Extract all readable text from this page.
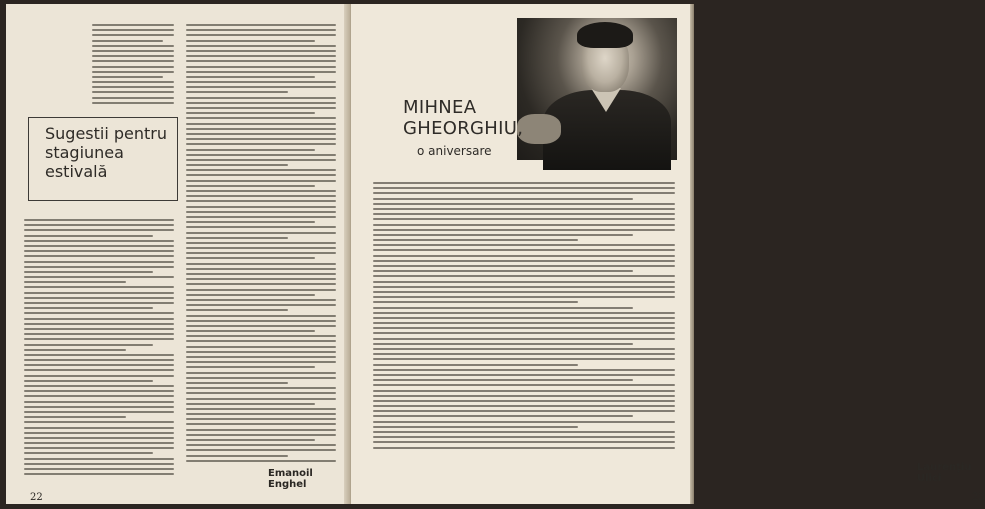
Sugestii pentru
stagiunea
estivală
Emanoil Enghel
22
MIHNEA
GHEORGHIU,
o aniversare
Laurențiu Ulici
23
